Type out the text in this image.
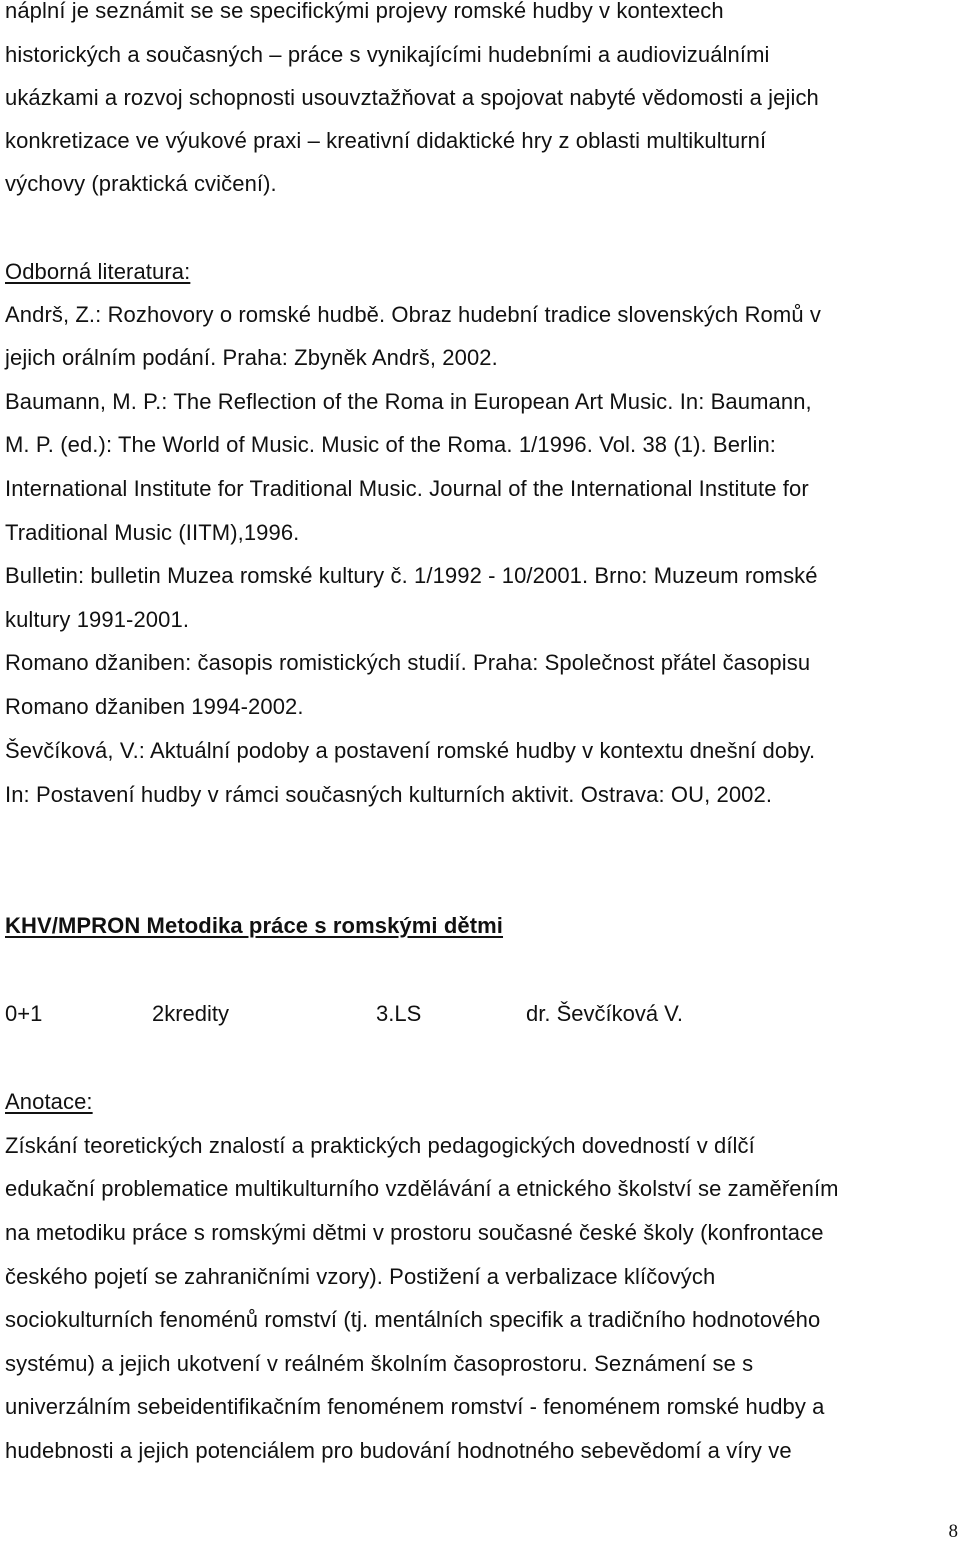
náplní je seznámit se se specifickými projevy romské hudby v kontextech
historických a současných – práce s vynikajícími hudebními a audiovizuálními
ukázkami a rozvoj schopnosti usouvztažňovat a spojovat nabyté vědomosti a jejich
konkretizace ve výukové praxi – kreativní didaktické hry z oblasti multikulturní
výchovy (praktická cvičení).
Odborná literatura:
Andrš, Z.: Rozhovory o romské hudbě. Obraz hudební tradice slovenských Romů v
jejich orálním podání. Praha: Zbyněk Andrš, 2002.
Baumann, M. P.: The Reflection of the Roma in European Art Music. In: Baumann,
M. P. (ed.): The World of Music. Music of the Roma. 1/1996. Vol. 38 (1). Berlin:
International Institute for Traditional Music. Journal of the International Institute for
Traditional Music (IITM),1996.
Bulletin: bulletin Muzea romské kultury č. 1/1992 - 10/2001. Brno: Muzeum romské
kultury 1991-2001.
Romano džaniben: časopis romistických studií. Praha: Společnost přátel časopisu
Romano džaniben 1994-2002.
Ševčíková, V.: Aktuální podoby a postavení romské hudby v kontextu dnešní doby.
In: Postavení hudby v rámci současných kulturních aktivit. Ostrava: OU, 2002.
KHV/MPRON Metodika práce s romskými dětmi
0+1	2kredity	3.LS	dr. Ševčíková V.
Anotace:
Získání teoretických znalostí a praktických pedagogických dovedností v dílčí
edukační problematice multikulturního vzdělávání a etnického školství se zaměřením
na metodiku práce s romskými dětmi v prostoru současné české školy (konfrontace
českého pojetí se zahraničními vzory). Postižení a verbalizace klíčových
sociokulturních fenoménů romství (tj. mentálních specifik a tradičního hodnotového
systému) a jejich ukotvení v reálném školním časoprostoru. Seznámení se s
univerzálním sebeidentifikačním fenoménem romství - fenoménem romské hudby a
hudebnosti a jejich potenciálem pro budování hodnotného sebevědomí a víry ve
8
